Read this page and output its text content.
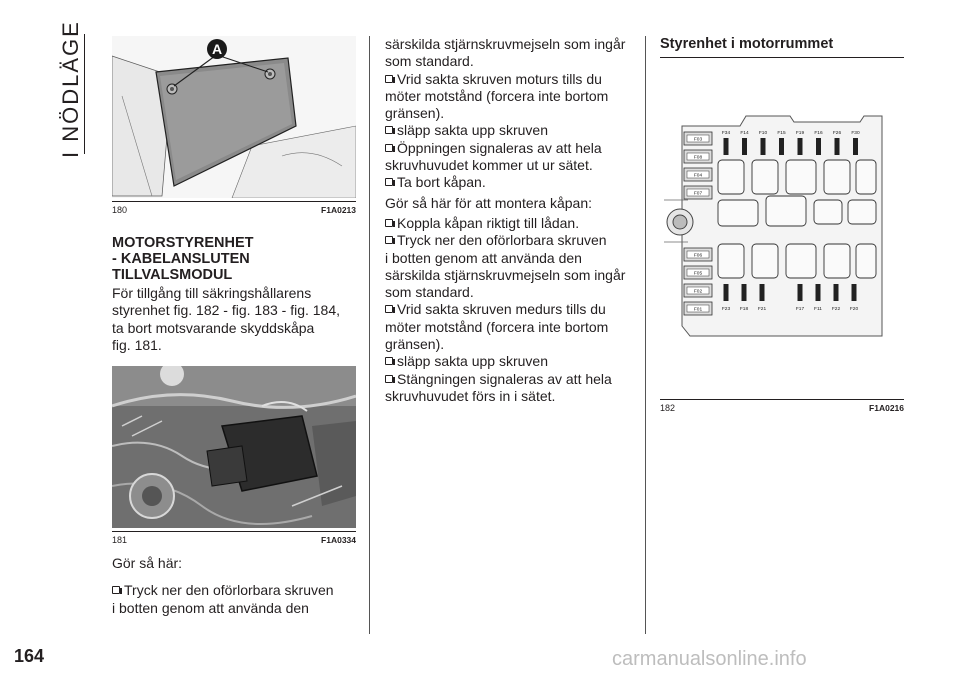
I NÖDLÄGE
164
A
180	F1A0213
MOTORSTYRENHET
- KABELANSLUTEN
TILLVALSMODUL

För tillgång till säkringshållarens

styrenhet fig. 182 - fig. 183 - fig. 184,

ta bort motsvarande skyddskåpa

fig. 181.

181	F1A0334

Gör så här:

Tryck ner den oförlorbara skruven

i botten genom att använda den

särskilda stjärnskruvmejseln som ingår

som standard.

Vrid sakta skruven moturs tills du

möter motstånd (forcera inte bortom

gränsen).

släpp sakta upp skruven

Öppningen signaleras av att hela

skruvhuvudet kommer ut ur sätet.

Ta bort kåpan.

Gör så här för att montera kåpan:

Koppla kåpan riktigt till lådan.

Tryck ner den oförlorbara skruven

i botten genom att använda den

särskilda stjärnskruvmejseln som ingår

som standard.

Vrid sakta skruven medurs tills du

möter motstånd (forcera inte bortom

gränsen).

släpp sakta upp skruven

Stängningen signaleras av att hela

skruvhuvudet förs in i sätet.

Styrenhet i motorrummet
F03
F08
F04
F07
F06
F05
F02
F01
F34 F14 F10 F15 F19 F16 F26 F30
F23 F18 F21	F17 F11 F22 F20
182	F1A0216
carmanualsonline.info
